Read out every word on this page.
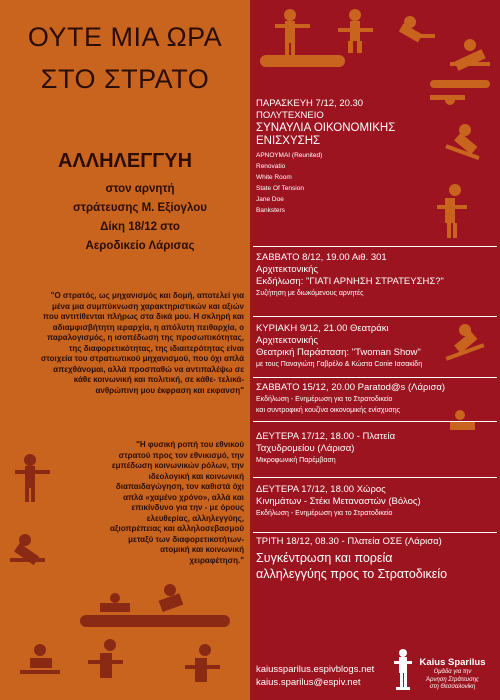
ΟΥΤΕ ΜΙΑ ΩΡΑ
ΣΤΟ ΣΤΡΑΤΟ
ΑΛΛΗΛΕΓΓΥΗ
στον αρνητή
στράτευσης Μ. Εξίογλου
Δίκη 18/12 στο
Αεροδικείο Λάρισας
"Ο στρατός, ως μηχανισμός και δομή, αποτελεί για
μένα μια συμπύκνωση χαρακτηριστικών και αξιών
που αντιτίθενται πλήρως στα δικά μου. Η σκληρή και
αδιαμφισβήτητη ιεραρχία, η απόλυτη πειθαρχία, ο
παραλογισμός, η ισοπέδωση της προσωπικότητας,
της διαφορετικότητας, της ιδιαιτερότητας είναι
στοιχεία του στρατιωτικού μηχανισμού, που όχι απλά
απεχθάνομαι, αλλά προσπαθώ να αντιπαλέψω σε
κάθε κοινωνική και πολιτική, σε κάθε- τελικά-
ανθρώπινη μου έκφραση και εκφανση"
"Η φυσική ροπή του εθνικού
στρατού προς τον εθνικισμό, την
εμπέδωση κοινωνικών ρόλων, την
ιδεολογική και κοινωνική
διαπαιδαγώγηση, τον καθιστά όχι
απλά «χαμένο χρόνο», αλλά και
επικίνδυνο για την - με όρους
ελευθερίας, αλληλεγγύης,
αξιοπρέπειας και αλληλοσεβασμού
μεταξύ των διαφορετικοτήτων-
ατομική και κοινωνική
χειραφέτηση."
ΠΑΡΑΣΚΕΥΗ 7/12, 20.30
ΠΟΛΥΤΕΧΝΕΙΟ
ΣΥΝΑΥΛΙΑ ΟΙΚΟΝΟΜΙΚΗΣ
ΕΝΙΣΧΥΣΗΣ
ΑΡΝΟΥΜΑΙ (Reunited)
Renovatio
White Room
State Of Tension
Jane Doe
Banksters
ΣΑΒΒΑΤΟ 8/12, 19.00 Αιθ. 301
Αρχιτεκτονικής
Εκδήλωση: "ΓΙΑΤΙ ΑΡΝΗΣΗ ΣΤΡΑΤΕΥΣΗΣ?"
Συζήτηση με διωκόμενους αρνητές
ΚΥΡΙΑΚΗ 9/12, 21.00 Θεατράκι
Αρχιτεκτονικής
Θεατρική Παράσταση: "Twoman Show"
με τους Παναγιώτη Γαβρέλο & Κώστα Conie Ισσακίδη
ΣΑΒΒΑΤΟ 15/12, 20.00 Paratod@s (Λάρισα)
Εκδήλωση - Ενημέρωση για το Στρατοδικείο
και συντροφική κουζίνα οικονομικής ενίσχυσης
ΔΕΥΤΕΡΑ 17/12, 18.00 - Πλατεία
Ταχυδρομείου (Λάρισα)
Μικροφωνική Παρέμβαση
ΔΕΥΤΕΡΑ 17/12, 18.00 Χώρος
Κινημάτων - Στέκι Μεταναστών (Βόλος)
Εκδήλωση - Ενημέρωση για το Στρατοδικείο
ΤΡΙΤΗ 18/12, 08.30 - Πλατεία ΟΣΕ (Λάρισα)
Συγκέντρωση και πορεία
αλληλεγγύης προς το Στρατοδικείο
kaiussparilus.espivblogs.net
kaius.sparilus@espiv.net
Kaius Sparilus
Ομάδα για την
Άρνηση Στράτευσης
στη Θεσσαλονίκη
